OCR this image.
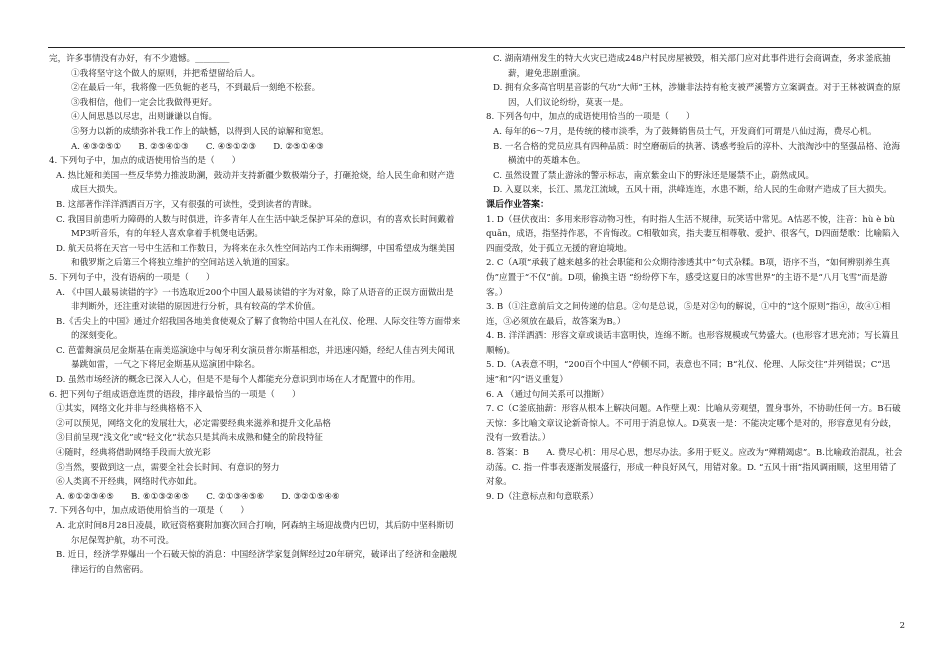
完，许多事情没有办好，有不少遗憾。________

①我将坚守这个做人的原则，并把希望留给后人。

②在最后一年，我将像一匹负轭的老马，不到最后一刻绝不松套。

③我相信，他们一定会比我做得更好。

④人间思恳以尽忠，出则谦谦以自悔。

⑤努力以新的成绩弥补我工作上的缺憾，以得到人民的谅解和宽恕。

A. ④③②⑤①　　B. ②⑤④①③　　C. ④⑤①②③　　D. ②⑤①④③

4. 下列句子中，加点的成语使用恰当的是（　　）

A. 热比娅和美国一些反华势力推波助澜，鼓动并支持新疆少数极端分子，打砸抢烧，给人民生命和财产造成巨大损失。

B. 这部著作洋洋洒洒百万字，又有很强的可读性，受到读者的青睐。

C. 我国目前患听力障碍的人数与时俱进，许多青年人在生活中缺乏保护耳朵的意识，有的喜欢长时间戴着MP3听音乐，有的年轻人喜欢拿着手机煲电话粥。

D. 航天员将在天宫一号中生活和工作数日，为将来在永久性空间站内工作未雨绸缪，中国希望成为继美国和俄罗斯之后第三个将独立维护的空间站送入轨道的国家。

5. 下列句子中，没有语病的一项是（　　）

A. 《中国人最易读错的字》一书选取近200个中国人最易读错的字为对象，除了从语音的正误方面做出是非判断外，还注重对读错的原因进行分析，具有较高的学术价值。

B.《舌尖上的中国》通过介绍我国各地美食使观众了解了食物给中国人在礼仪、伦理、人际交往等方面带来的深刻变化。

C. 芭蕾舞演员尼金斯基在南美巡演途中与匈牙利女演员普尔斯基相恋，并迅速闪婚，经纪人佳吉列夫闻讯暴跳如雷，一气之下将尼金斯基从巡演团中除名。

D. 虽然市场经济的概念已深入人心，但是不是每个人都能充分意识到市场在人才配置中的作用。

6. 把下列句子组成语意连贯的语段，排序最恰当的一项是（　　）

①其实，网络文化并非与经典格格不入

②可以预见，网络文化的发展壮大，必定需要经典来滋养和提升文化品格

③目前呈现“浅文化”或“轻文化”状态只是其尚未成熟和健全的阶段特征

④随时，经典将借助网络手段而大放光彩

⑤当然，要做到这一点，需要全社会长时间、有意识的努力

⑥人类离不开经典，网络时代亦如此。

A. ⑥①②③④⑤　　B. ⑥①③②④⑤　　C. ②①③④⑤⑥　　D. ③②①⑤④⑥

7. 下列各句中，加点成语使用恰当的一项是（　　）

A. 北京时间8月28日凌晨，欧冠资格赛附加赛次回合打响，阿森纳主场迎战费内巴切，其后防中坚科斯切尔尼保驾护航，功不可没。

B. 近日，经济学界爆出一个石破天惊的消息：中国经济学家复剑辉经过20年研究，破译出了经济和金融规律运行的自然密码。

C. 湖南靖州发生的特大火灾已造成248户村民房屋被毁，相关部门应对此事件进行会商调查，务求釜底抽薪，避免悲剧重演。

D. 拥有众多高官明星音影的气功“大师”王林，涉嫌非法持有枪支被严溪警方立案调查。对于王林被调查的原因，人们议论纷纷，莫衷一是。

8. 下列各句中，加点的成语使用恰当的一项是（　　）

A. 每年的6～7月，是传统的楼市淡季，为了鼓舞销售员士气，开发商们可谓是八仙过海，费尽心机。

B. 一名合格的党员应具有四种品质：时空磨砺后的执著、诱惑考验后的淳朴、大浪淘沙中的坚强品格、沧海横流中的英雄本色。

C. 虽然设置了禁止游泳的警示标志，南京紫金山下的野泳还是屡禁不止，蔚然成风。

D. 入夏以来，长江、黑龙江流域，五风十雨，洪峰连连，水患不断，给人民的生命财产造成了巨大损失。

课后作业答案：

1. D（昼伏夜出：多用来形容动物习性，有时指人生活不规律，玩笑话中常见。A怙恶不悛，注音：hù è bù quān，成语，指坚持作恶，不肯悔改。C相敬如宾，指夫妻互相尊敬、爱护、很客气，D四面楚歌：比喻陷入四面受敌，处于孤立无援的窘迫境地。

2. C（A项“承载了越来越多的社会职能和公众期待渗透其中”句式杂糅。B项，语序不当，“如何辨别养生真伪”应置于“不仅”前。D项，偷换主语 “纷纷停下车，感受这夏日的冰雪世界”的主语不是“八月飞雪”而是游客。）

3. B（①注意前后文之间传递的信息。②句是总说，⑤是对②句的解说，①中的“这个原则”指④，故④①相连，③必须放在最后，故答案为B。）

4. B. 洋洋洒洒：形容文章或谈话丰富明快，连绵不断。也形容规模或气势盛大。(也形容才思充沛；写长篇且顺畅)。

5. D.（A表意不明，“200百个中国人”停顿不同，表意也不同；B“礼仪、伦理、人际交往”并列错误；C“迅速”和“闪”语义重复）

6. A （通过句间关系可以推断）

7. C（C釜底抽薪：形容从根本上解决问题。A作壁上观：比喻从旁观望，置身事外，不协助任何一方。B石破天惊：多比喻文章议论新奇惊人。不可用于消息惊人。D莫衷一是：不能决定哪个是对的，形容意见有分歧，没有一致看法。）

8. 答案：B　　A. 费尽心机：用尽心思，想尽办法。多用于贬义。应改为“殚精竭虑”。B.比喻政治混乱，社会动荡。C. 指一件事表逐渐发展盛行，形成一种良好风气，用错对象。D. “五风十雨”指风调雨顺，这里用错了对象。

9. D（注意标点和句意联系）

2
